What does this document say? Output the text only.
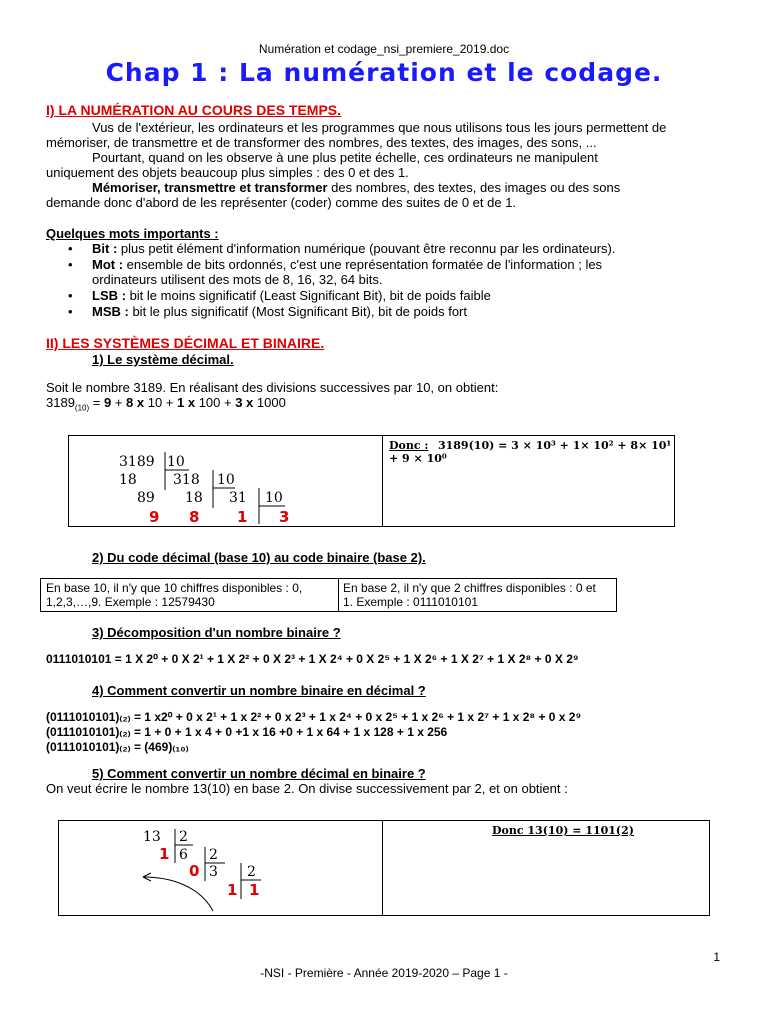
Numération et codage_nsi_premiere_2019.doc
Chap 1 : La numération et le codage.
I) LA NUMÉRATION AU COURS DES TEMPS.
Vus de l'extérieur, les ordinateurs et les programmes que nous utilisons tous les jours permettent de
mémoriser, de transmettre et de transformer des nombres, des textes, des images, des sons, ...
Pourtant, quand on les observe à une plus petite échelle, ces ordinateurs ne manipulent
uniquement des objets beaucoup plus simples : des 0 et des 1.
Mémoriser, transmettre et transformer des nombres, des textes, des images ou des sons
demande donc d'abord de les représenter (coder) comme des suites de 0 et de 1.
Quelques mots importants :
• Bit : plus petit élément d'information numérique (pouvant être reconnu par les ordinateurs).
• Mot : ensemble de bits ordonnés, c'est une représentation formatée de l'information ; les
ordinateurs utilisent des mots de 8, 16, 32, 64 bits.
• LSB : bit le moins significatif (Least Significant Bit), bit de poids faible
• MSB : bit le plus significatif (Most Significant Bit), bit de poids fort
II) LES SYSTÈMES DÉCIMAL ET BINAIRE.
1) Le système décimal.
Soit le nombre 3189. En réalisant des divisions successives par 10, on obtient:
$3189_{(10)} = 9 + 8$ x 10 + 1 x 100 + 3 x 1000
3189 10
18	318 10
89 18 31 10
9 8	1 3
Donc : 3189(10) = 3 × 10³ + 1× 10² + 8× 10¹ + 9 × 10⁰
2) Du code décimal (base 10) au code binaire (base 2).
En base 10, il n'y que 10 chiffres disponibles : 0,
1,2,3,…,9. Exemple : 12579430
En base 2, il n'y que 2 chiffres disponibles : 0 et
1. Exemple : 0111010101
3) Décomposition d'un nombre binaire ?
0111010101 = 1 X 2⁰ + 0 X 2¹ + 1 X 2² + 0 X 2³ + 1 X 2⁴ + 0 X 2⁵ + 1 X 2⁶ + 1 X 2⁷ + 1 X 2⁸ + 0 X 2⁹
4) Comment convertir un nombre binaire en décimal ?
(0111010101)₍₂₎ = 1 x2⁰ + 0 x 2¹ + 1 x 2² + 0 x 2³ + 1 x 2⁴ + 0 x 2⁵ + 1 x 2⁶ + 1 x 2⁷ + 1 x 2⁸ + 0 x 2⁹
(0111010101)₍₂₎ = 1 + 0 + 1 x 4 + 0 +1 x 16 +0 + 1 x 64 + 1 x 128 + 1 x 256
(0111010101)₍₂₎ = (469)₍₁₀₎
5) Comment convertir un nombre décimal en binaire ?
On veut écrire le nombre 13(10) en base 2. On divise successivement par 2, et on obtient :
13 2
6 2
3 2
1
0
1 1
Donc 13(10) = 1101(2)
1
-NSI - Première - Année 2019-2020 – Page 1 -
